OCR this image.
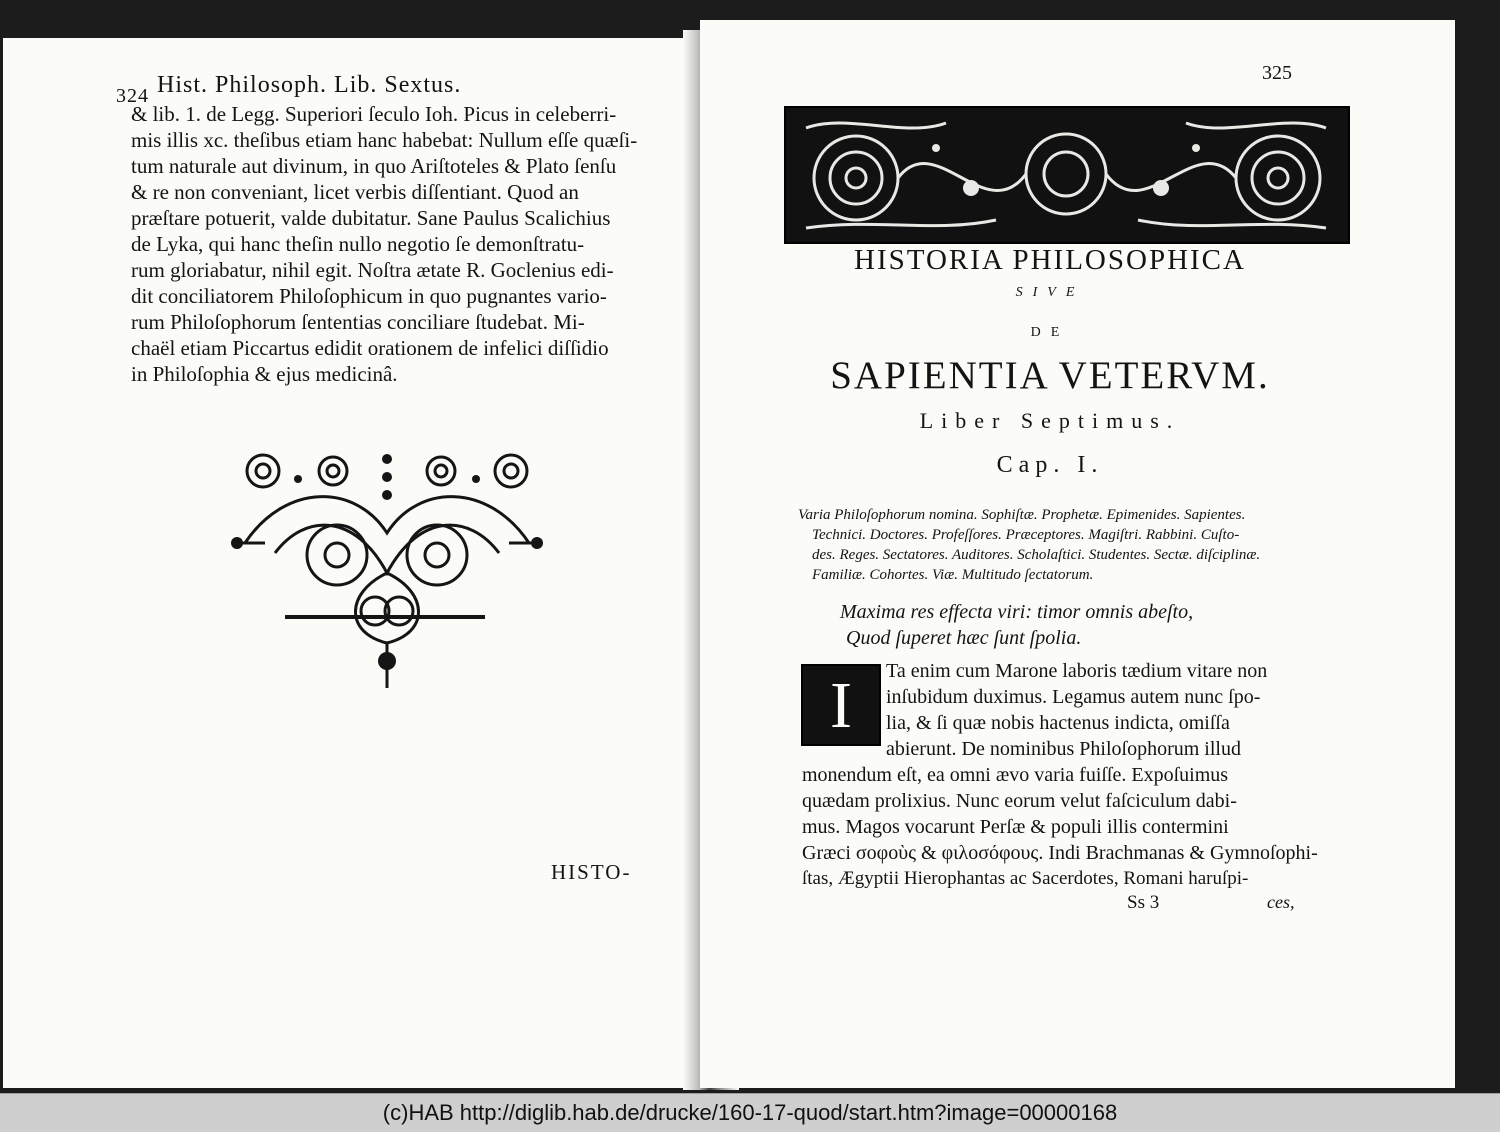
$_{324}$ Hist. Philosoph. Lib. Sextus.

& lib. 1. de Legg. Superiori ſeculo Ioh. Picus in celeberri-

mis illis xc. theſibus etiam hanc habebat: Nullum eſſe quæſi-

tum naturale aut divinum, in quo Ariſtoteles & Plato ſenſu

& re non conveniant, licet verbis diſſentiant. Quod an

præſtare potuerit, valde dubitatur. Sane Paulus Scalichius

de Lyka, qui hanc theſin nullo negotio ſe demonſtratu-

rum gloriabatur, nihil egit. Noſtra ætate R. Goclenius edi-

dit conciliatorem Philoſophicum in quo pugnantes vario-

rum Philoſophorum ſententias conciliare ſtudebat. Mi-

chaël etiam Piccartus edidit orationem de infelici diſſidio

in Philoſophia & ejus medicinâ.

HISTO-

325

HISTORIA PHILOSOPHICA

SIVE

DE

SAPIENTIA VETERVM.

Liber Septimus.

Cap. I.

Varia Philoſophorum nomina. Sophiſtæ. Prophetæ. Epimenides. Sapientes.

Technici. Doctores. Profeſſores. Præceptores. Magiſtri. Rabbini. Cuſto-

des. Reges. Sectatores. Auditores. Scholaſtici. Studentes. Sectæ. diſciplinæ.

Familiæ. Cohortes. Viæ. Multitudo ſectatorum.

Maxima res effecta viri: timor omnis abeſto,

Quod ſuperet hæc ſunt ſpolia.

I	Ta enim cum Marone laboris tædium vitare non

inſubidum duximus. Legamus autem nunc ſpo-

lia, & ſi quæ nobis hactenus indicta, omiſſa

abierunt. De nominibus Philoſophorum illud

monendum eſt, ea omni ævo varia fuiſſe. Expoſuimus

quædam prolixius. Nunc eorum velut faſciculum dabi-

mus. Magos vocarunt Perſæ & populi illis contermini

Græci σοφοὺς & φιλοσόφους. Indi Brachmanas & Gymnoſophi-

ſtas, Ægyptii Hierophantas ac Sacerdotes, Romani haruſpi-

Ss 3	ces,

(c)HAB http://diglib.hab.de/drucke/160-17-quod/start.htm?image=00000168
